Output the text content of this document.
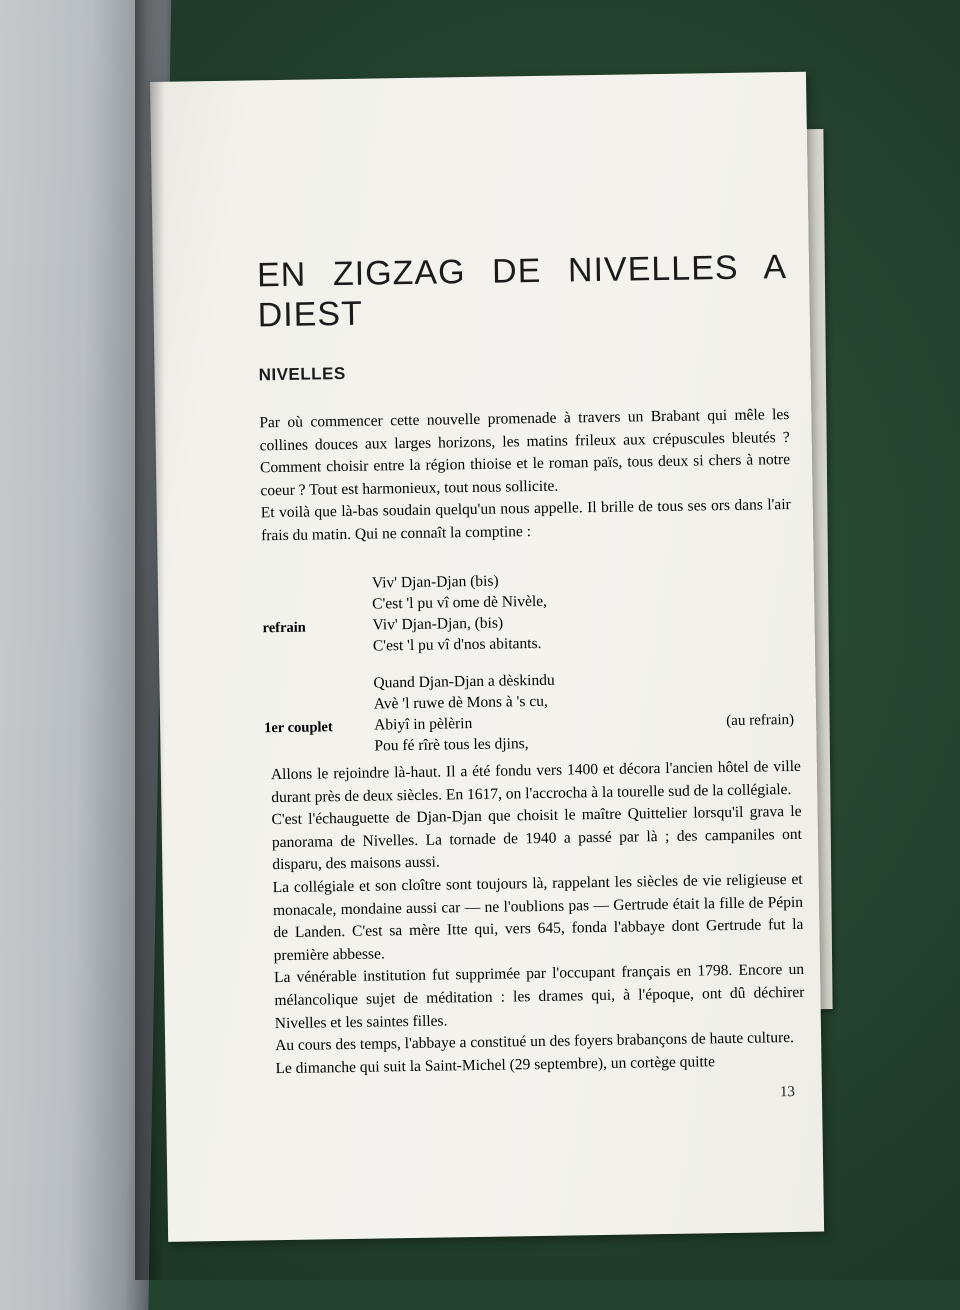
EN ZIGZAG DE NIVELLES A DIEST
NIVELLES

Par où commencer cette nouvelle promenade à travers un Brabant qui mêle les collines douces aux larges horizons, les matins frileux aux crépuscules bleutés ? Comment choisir entre la région thioise et le roman païs, tous deux si chers à notre coeur ? Tout est harmonieux, tout nous sollicite.

Et voilà que là-bas soudain quelqu'un nous appelle. Il brille de tous ses ors dans l'air frais du matin. Qui ne connaît la comptine :

refrain
Viv' Djan-Djan (bis)
C'est 'l pu vî ome dè Nivèle,
Viv' Djan-Djan, (bis)
C'est 'l pu vî d'nos abitants.
1er couplet
Quand Djan-Djan a dèskindu
Avè 'l ruwe dè Mons à 's cu,
Abiyî in pèlèrin
Pou fé rîrè tous les djins,
(au refrain)

Allons le rejoindre là-haut. Il a été fondu vers 1400 et décora l'ancien hôtel de ville durant près de deux siècles. En 1617, on l'accrocha à la tourelle sud de la collégiale.

C'est l'échauguette de Djan-Djan que choisit le maître Quittelier lorsqu'il grava le panorama de Nivelles. La tornade de 1940 a passé par là ; des campaniles ont disparu, des maisons aussi.

La collégiale et son cloître sont toujours là, rappelant les siècles de vie religieuse et monacale, mondaine aussi car — ne l'oublions pas — Gertrude était la fille de Pépin de Landen. C'est sa mère Itte qui, vers 645, fonda l'abbaye dont Gertrude fut la première abbesse.

La vénérable institution fut supprimée par l'occupant français en 1798. Encore un mélancolique sujet de méditation : les drames qui, à l'époque, ont dû déchirer Nivelles et les saintes filles.

Au cours des temps, l'abbaye a constitué un des foyers brabançons de haute culture.

Le dimanche qui suit la Saint-Michel (29 septembre), un cortège quitte

13
